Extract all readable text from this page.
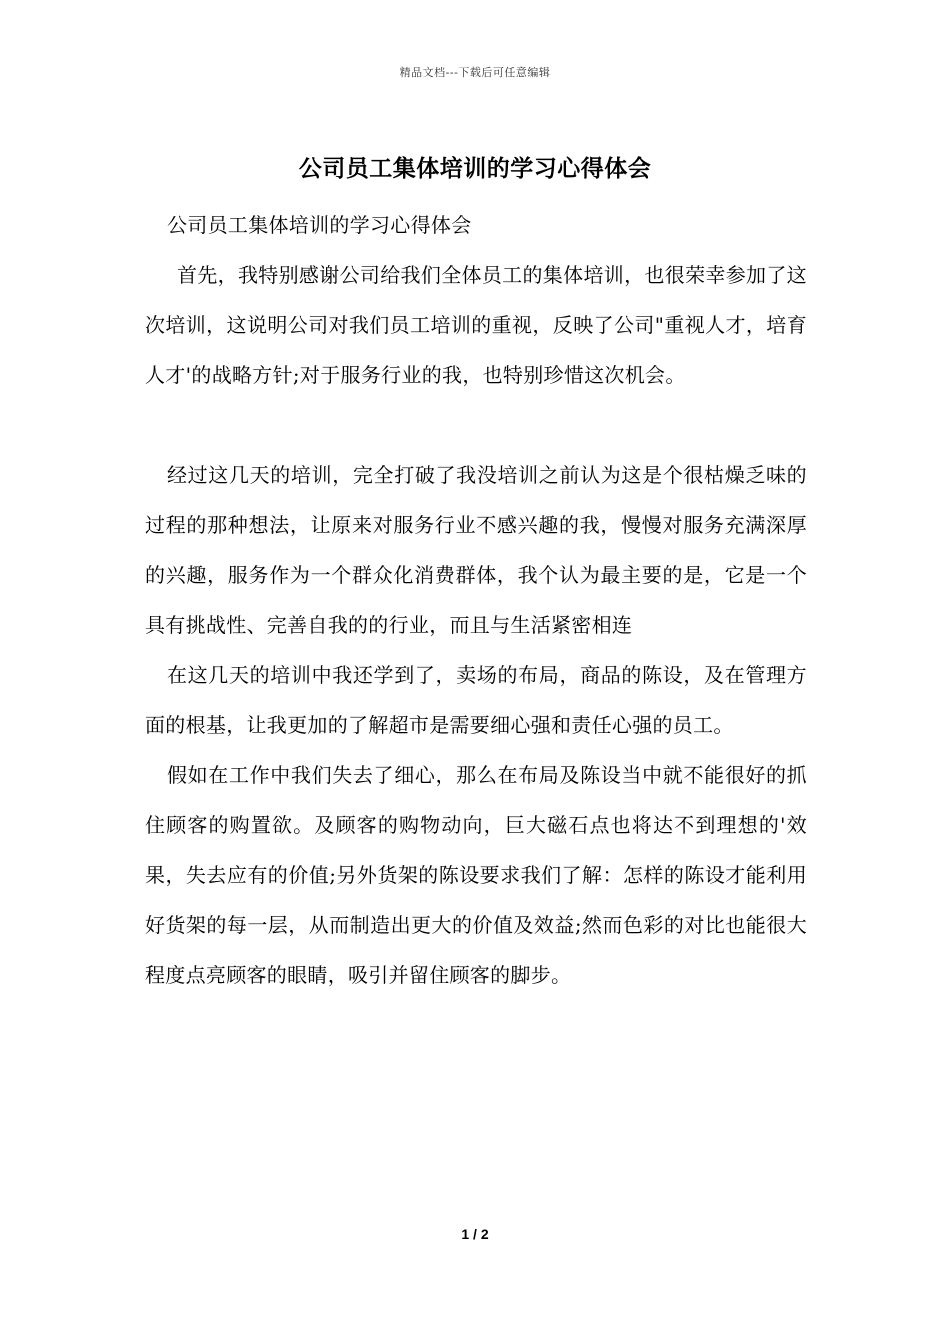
精品文档---下载后可任意编辑
公司员工集体培训的学习心得体会

公司员工集体培训的学习心得体会

首先，我特别感谢公司给我们全体员工的集体培训，也很荣幸参加了这次培训，这说明公司对我们员工培训的重视，反映了公司"重视人才，培育人才'的战略方针;对于服务行业的我，也特别珍惜这次机会。

经过这几天的培训，完全打破了我没培训之前认为这是个很枯燥乏味的过程的那种想法，让原来对服务行业不感兴趣的我，慢慢对服务充满深厚的兴趣，服务作为一个群众化消费群体，我个认为最主要的是，它是一个具有挑战性、完善自我的的行业，而且与生活紧密相连

在这几天的培训中我还学到了，卖场的布局，商品的陈设，及在管理方面的根基，让我更加的了解超市是需要细心强和责任心强的员工。

假如在工作中我们失去了细心，那么在布局及陈设当中就不能很好的抓住顾客的购置欲。及顾客的购物动向，巨大磁石点也将达不到理想的'效果，失去应有的价值;另外货架的陈设要求我们了解：怎样的陈设才能利用好货架的每一层，从而制造出更大的价值及效益;然而色彩的对比也能很大程度点亮顾客的眼睛，吸引并留住顾客的脚步。

1 / 2
